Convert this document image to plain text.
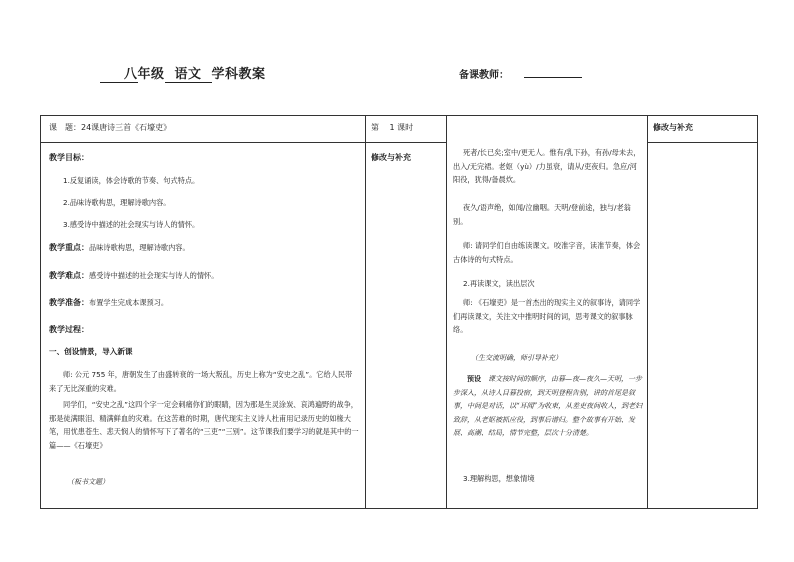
八年级 语文 学科教案	备课教师：
课　题：24课唐诗三首《石壕吏》	第　 1 课时	修改与补充
教学目标：
1.反复诵读，体会诗歌的节奏、句式特点。
2.品味诗歌构思，理解诗歌内容。
3.感受诗中描述的社会现实与诗人的情怀。
教学重点：品味诗歌构思，理解诗歌内容。
教学难点：感受诗中描述的社会现实与诗人的情怀。
教学准备：布置学生完成本课预习。
教学过程：
一、创设情景，导入新课
师: 公元 755 年，唐朝发生了由盛转衰的一场大叛乱，历史上称为“安史之乱”。它给人民带来了无比深重的灾难。
同学们，“安史之乱”这四个字一定会刺痛你们的眼睛，因为那是生灵涂炭、哀鸿遍野的战争，那是徒满眼泪、精满鲜血的灾难。在这苦难的时期，唐代现实主义诗人杜甫用记录历史的如椽大笔，用忧患苍生、悲天悯人的情怀写下了著名的“三吏”“三别”。这节课我们要学习的就是其中的一篇——《石壕吏》
（板书文题）
修改与补充
死者/长已矣;室中/更无人。惟有/乳下孙，有孙/母未去，出入/无完裙。老妪（yù）/力虽衰，请从/吏夜归。急应/河阳役，犹得/备晨炊。
夜久/语声绝，如闻/泣幽咽。天明/登前途，独与/老翁别。
师: 请同学们自由练读课文。咬准字音，读准节奏，体会古体诗的句式特点。
2.再读课文，读出层次
师: 《石壕吏》是一首杰出的现实主义的叙事诗，请同学们再读课文，关注文中推明时间的词，思考课文的叙事脉络。
（生交流明确，师引导补充）
预设　 课文按时间的顺序，由暮—夜—夜久—天明，一步步深入，从诗人目暮投宿，到天明登程告别，讲的首尾是叙事，中间是对话，以“耳闻”为收束，从差吏夜间收人，到老妇致辞，从老妪被抓应役，到事后谱归。整个故事有开始、发展、高潮、结局，情节完整，层次十分清楚。
3.理解构思，想象情境
